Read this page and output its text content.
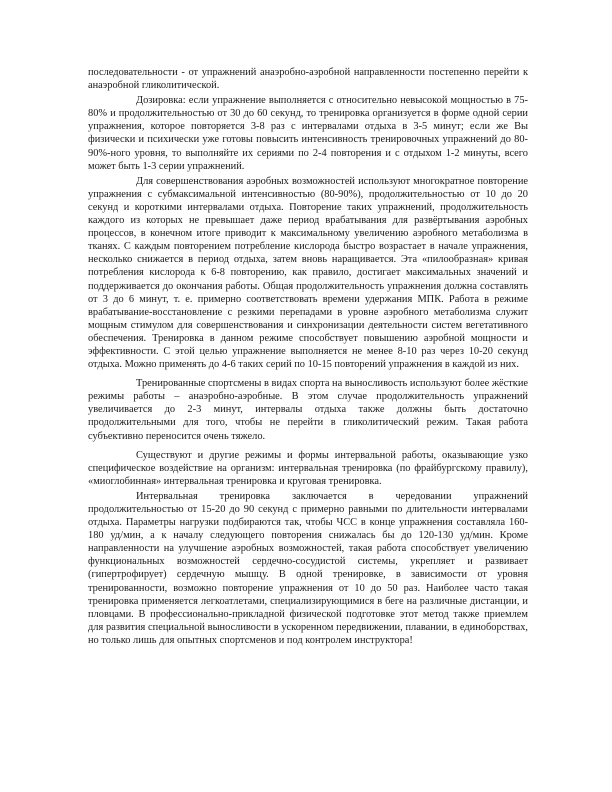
последовательности - от упражнений анаэробно-аэробной направленности постепенно перейти к анаэробной гликолитической.

Дозировка: если упражнение выполняется с относительно невысокой мощностью в 75-80% и продолжительностью от 30 до 60 секунд, то тренировка организуется в форме одной серии упражнения, которое повторяется 3-8 раз с интервалами отдыха в 3-5 минут; если же Вы физически и психически уже готовы повысить интенсивность тренировочных упражнений до 80-90%-ного уровня, то выполняйте их сериями по 2-4 повторения и с отдыхом 1-2 минуты, всего может быть 1-3 серии упражнений.

Для совершенствования аэробных возможностей используют многократное повторение упражнения с субмаксимальной интенсивностью (80-90%), продолжительностью от 10 до 20 секунд и короткими интервалами отдыха. Повторение таких упражнений, продолжительность каждого из которых не превышает даже период врабатывания для развёртывания аэробных процессов, в конечном итоге приводит к максимальному увеличению аэробного метаболизма в тканях. С каждым повторением потребление кислорода быстро возрастает в начале упражнения, несколько снижается в период отдыха, затем вновь наращивается. Эта «пилообразная» кривая потребления кислорода к 6-8 повторению, как правило, достигает максимальных значений и поддерживается до окончания работы. Общая продолжительность упражнения должна составлять от 3 до 6 минут, т. е. примерно соответствовать времени удержания МПК. Работа в режиме врабатывание-восстановление с резкими перепадами в уровне аэробного метаболизма служит мощным стимулом для совершенствования и синхронизации деятельности систем вегетативного обеспечения. Тренировка в данном режиме способствует повышению аэробной мощности и эффективности. С этой целью упражнение выполняется не менее 8-10 раз через 10-20 секунд отдыха. Можно применять до 4-6 таких серий по 10-15 повторений упражнения в каждой из них.

Тренированные спортсмены в видах спорта на выносливость используют более жёсткие режимы работы – анаэробно-аэробные. В этом случае продолжительность упражнений увеличивается до 2-3 минут, интервалы отдыха также должны быть достаточно продолжительными для того, чтобы не перейти в гликолитический режим. Такая работа субъективно переносится очень тяжело.

Существуют и другие режимы и формы интервальной работы, оказывающие узко специфическое воздействие на организм: интервальная тренировка (по фрайбургскому правилу), «миоглобинная» интервальная тренировка и круговая тренировка.

Интервальная тренировка заключается в чередовании упражнений продолжительностью от 15-20 до 90 секунд с примерно равными по длительности интервалами отдыха. Параметры нагрузки подбираются так, чтобы ЧСС в конце упражнения составляла 160-180 уд/мин, а к началу следующего повторения снижалась бы до 120-130 уд/мин. Кроме направленности на улучшение аэробных возможностей, такая работа способствует увеличению функциональных возможностей сердечно-сосудистой системы, укрепляет и развивает (гипертрофирует) сердечную мышцу. В одной тренировке, в зависимости от уровня тренированности, возможно повторение упражнения от 10 до 50 раз. Наиболее часто такая тренировка применяется легкоатлетами, специализирующимися в беге на различные дистанции, и пловцами. В профессионально-прикладной физической подготовке этот метод также приемлем для развития специальной выносливости в ускоренном передвижении, плавании, в единоборствах, но только лишь для опытных спортсменов и под контролем инструктора!
